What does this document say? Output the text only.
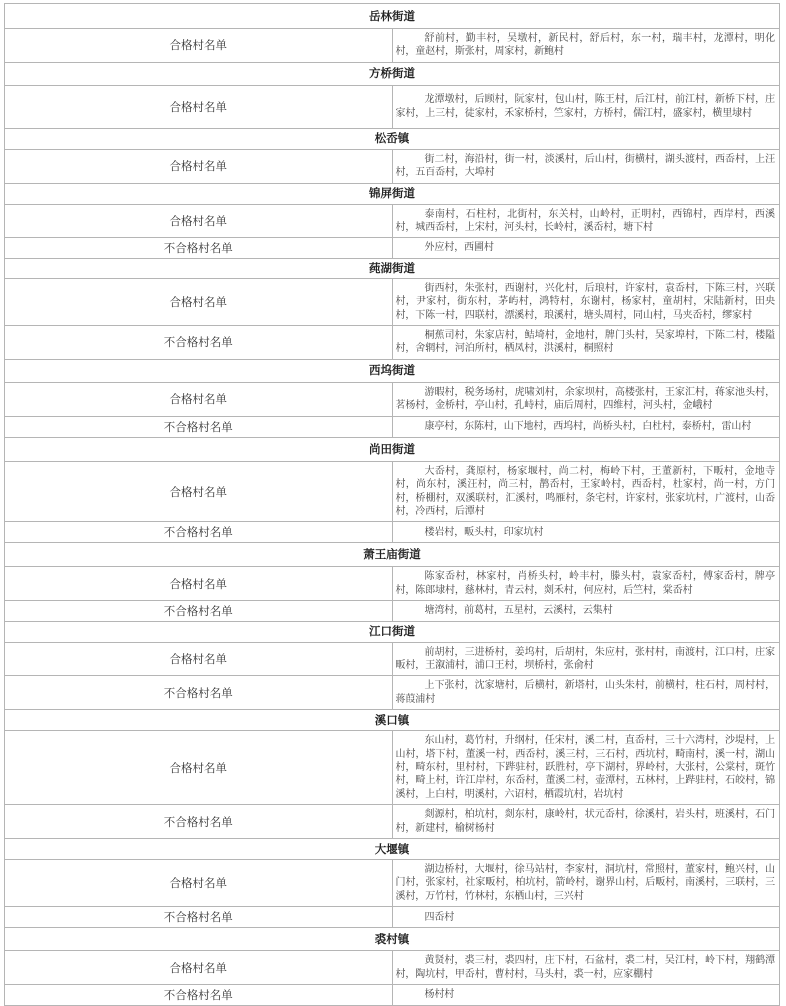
岳林街道	
合格村名单	舒前村，勤丰村，吴墩村，新民村，舒后村，东一村，瑞丰村，龙潭村，明化村，童赵村，斯张村，周家村，新鲍村
方桥街道	
合格村名单	龙潭墩村，后顾村，阮家村，包山村，陈王村，后江村，前江村，新桥下村，庄家村，上三村，徒家村，禾家桥村，竺家村，方桥村，儒江村，盛家村，横里埭村
松岙镇	
合格村名单	街二村，海沿村，街一村，淡溪村，后山村，街横村，湖头渡村，西岙村，上汪村，五百岙村，大埠村
锦屏街道	
合格村名单	泰南村，石柱村，北街村，东关村，山岭村，正明村，西锦村，西岸村，西溪村，城西岙村，上宋村，河头村，长岭村，溪岙村，塘下村
不合格村名单	外应村，西圃村
莼湖街道	
合格村名单	街西村，朱张村，西谢村，兴化村，后琅村，许家村，袁岙村，下陈三村，兴联村，尹家村，街东村，茅屿村，鸿特村，东谢村，杨家村，童胡村，宋陆新村，田央村，下陈一村，四联村，漂溪村，琅溪村，塘头周村，同山村，马夹岙村，缪家村
不合格村名单	桐蕉司村，朱家店村，鲒埼村，金地村，牌门头村，吴家埠村，下陈二村，楼隘村，舍辋村，河泊所村，栖凤村，洪溪村，桐照村
西坞街道	
合格村名单	游暇村，税务场村，虎啸刘村，余家坝村，高楼张村，王家汇村，蒋家池头村，茗杨村，金桥村，亭山村，孔峙村，庙后周村，四维村，河头村，金峨村
不合格村名单	康亭村，东陈村，山下地村，西坞村，尚桥头村，白杜村，泰桥村，雷山村
尚田街道	
合格村名单	大岙村，龚原村，杨家堰村，尚二村，梅岭下村，王董新村，下畈村，金地寺村，尚东村，溪汪村，尚三村，鹊岙村，王家岭村，西岙村，杜家村，尚一村，方门村，桥棚村，双溪联村，汇溪村，鸣雁村，条宅村，许家村，张家坑村，广渡村，山岙村，冷西村，后潭村
不合格村名单	楼岩村，畈头村，印家坑村
萧王庙街道	
合格村名单	陈家岙村，林家村，肖桥头村，岭丰村，滕头村，袁家岙村，傅家岙村，牌亭村，陈郎埭村，慈林村，青云村，剡禾村，何应村，后竺村，棠岙村
不合格村名单	塘湾村，前葛村，五星村，云溪村，云集村
江口街道	
合格村名单	前胡村，三进桥村，姜坞村，后胡村，朱应村，张村村，南渡村，江口村，庄家畈村，王溆浦村，浦口王村，坝桥村，张俞村
不合格村名单	上下张村，沈家塘村，后横村，新塔村，山头朱村，前横村，柱石村，周村村，蒋葭浦村
溪口镇	
合格村名单	东山村，葛竹村，升纲村，任宋村，溪二村，直岙村，三十六湾村，沙堤村，上山村，塔下村，董溪一村，西岙村，溪三村，三石村，西坑村，畸南村，溪一村，湖山村，畸东村，里村村，下跸驻村，跃胜村，亭下湖村，界岭村，大张村，公棠村，斑竹村，畸上村，许江岸村，东岙村，董溪二村，壶潭村，五林村，上跸驻村，石皎村，锦溪村，上白村，明溪村，六诏村，栖霞坑村，岩坑村
不合格村名单	剡源村，柏坑村，剡东村，康岭村，状元岙村，徐溪村，岩头村，班溪村，石门村，新建村，榆树杨村
大堰镇	
合格村名单	湖边桥村，大堰村，徐马站村，李家村，洞坑村，常照村，董家村，鲍兴村，山门村，张家村，社家畈村，柏坑村，箭岭村，谢界山村，后畈村，南溪村，三联村，三溪村，万竹村，竹林村，东栖山村，三兴村
不合格村名单	四岙村
裘村镇	
合格村名单	黄贤村，裘三村，裘四村，庄下村，石盆村，裘二村，吴江村，岭下村，翔鹤潭村，陶坑村，甲岙村，曹村村，马头村，裘一村，应家棚村
不合格村名单	杨村村
